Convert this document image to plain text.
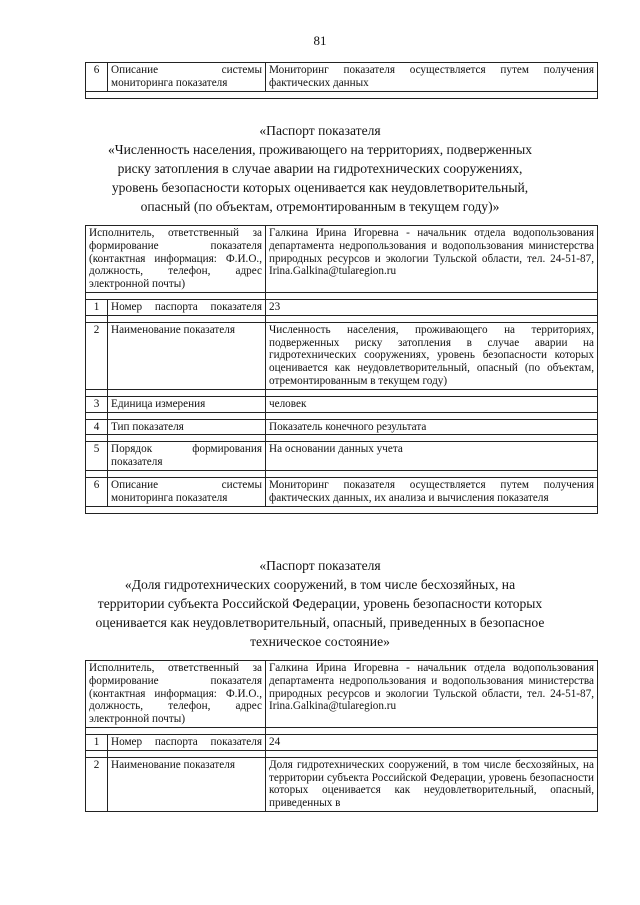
81
6	Описание системы мониторинга показателя	Мониторинг показателя осуществляется путем получения фактических данных

«Паспорт показателя
«Численность населения, проживающего на территориях, подверженных
риску затопления в случае аварии на гидротехнических сооружениях,
уровень безопасности которых оценивается как неудовлетворительный,
опасный (по объектам, отремонтированным в текущем году)»
Исполнитель, ответственный за формирование показателя (контактная информация: Ф.И.О., должность, телефон, адрес электронной почты)		Галкина Ирина Игоревна - начальник отдела водопользования департамента недропользования и водопользования министерства природных ресурсов и экологии Тульской области, тел. 24-51-87, Irina.Galkina@tularegion.ru

1	Номер паспорта показателя	23

2	Наименование показателя	Численность населения, проживающего на территориях, подверженных риску затопления в случае аварии на гидротехнических сооружениях, уровень безопасности которых оценивается как неудовлетворительный, опасный (по объектам, отремонтированным в текущем году)

3	Единица измерения	человек

4	Тип показателя	Показатель конечного результата

5	Порядок формирования показателя	На основании данных учета

6	Описание системы мониторинга показателя	Мониторинг показателя осуществляется путем получения фактических данных, их анализа и вычисления показателя

«Паспорт показателя
«Доля гидротехнических сооружений, в том числе бесхозяйных, на
территории субъекта Российской Федерации, уровень безопасности которых
оценивается как неудовлетворительный, опасный, приведенных в безопасное
техническое состояние»
Исполнитель, ответственный за формирование показателя (контактная информация: Ф.И.О., должность, телефон, адрес электронной почты)		Галкина Ирина Игоревна - начальник отдела водопользования департамента недропользования и водопользования министерства природных ресурсов и экологии Тульской области, тел. 24-51-87, Irina.Galkina@tularegion.ru

1	Номер паспорта показателя	24

2	Наименование показателя	Доля гидротехнических сооружений, в том числе бесхозяйных, на территории субъекта Российской Федерации, уровень безопасности которых оценивается как неудовлетворительный, опасный, приведенных в
